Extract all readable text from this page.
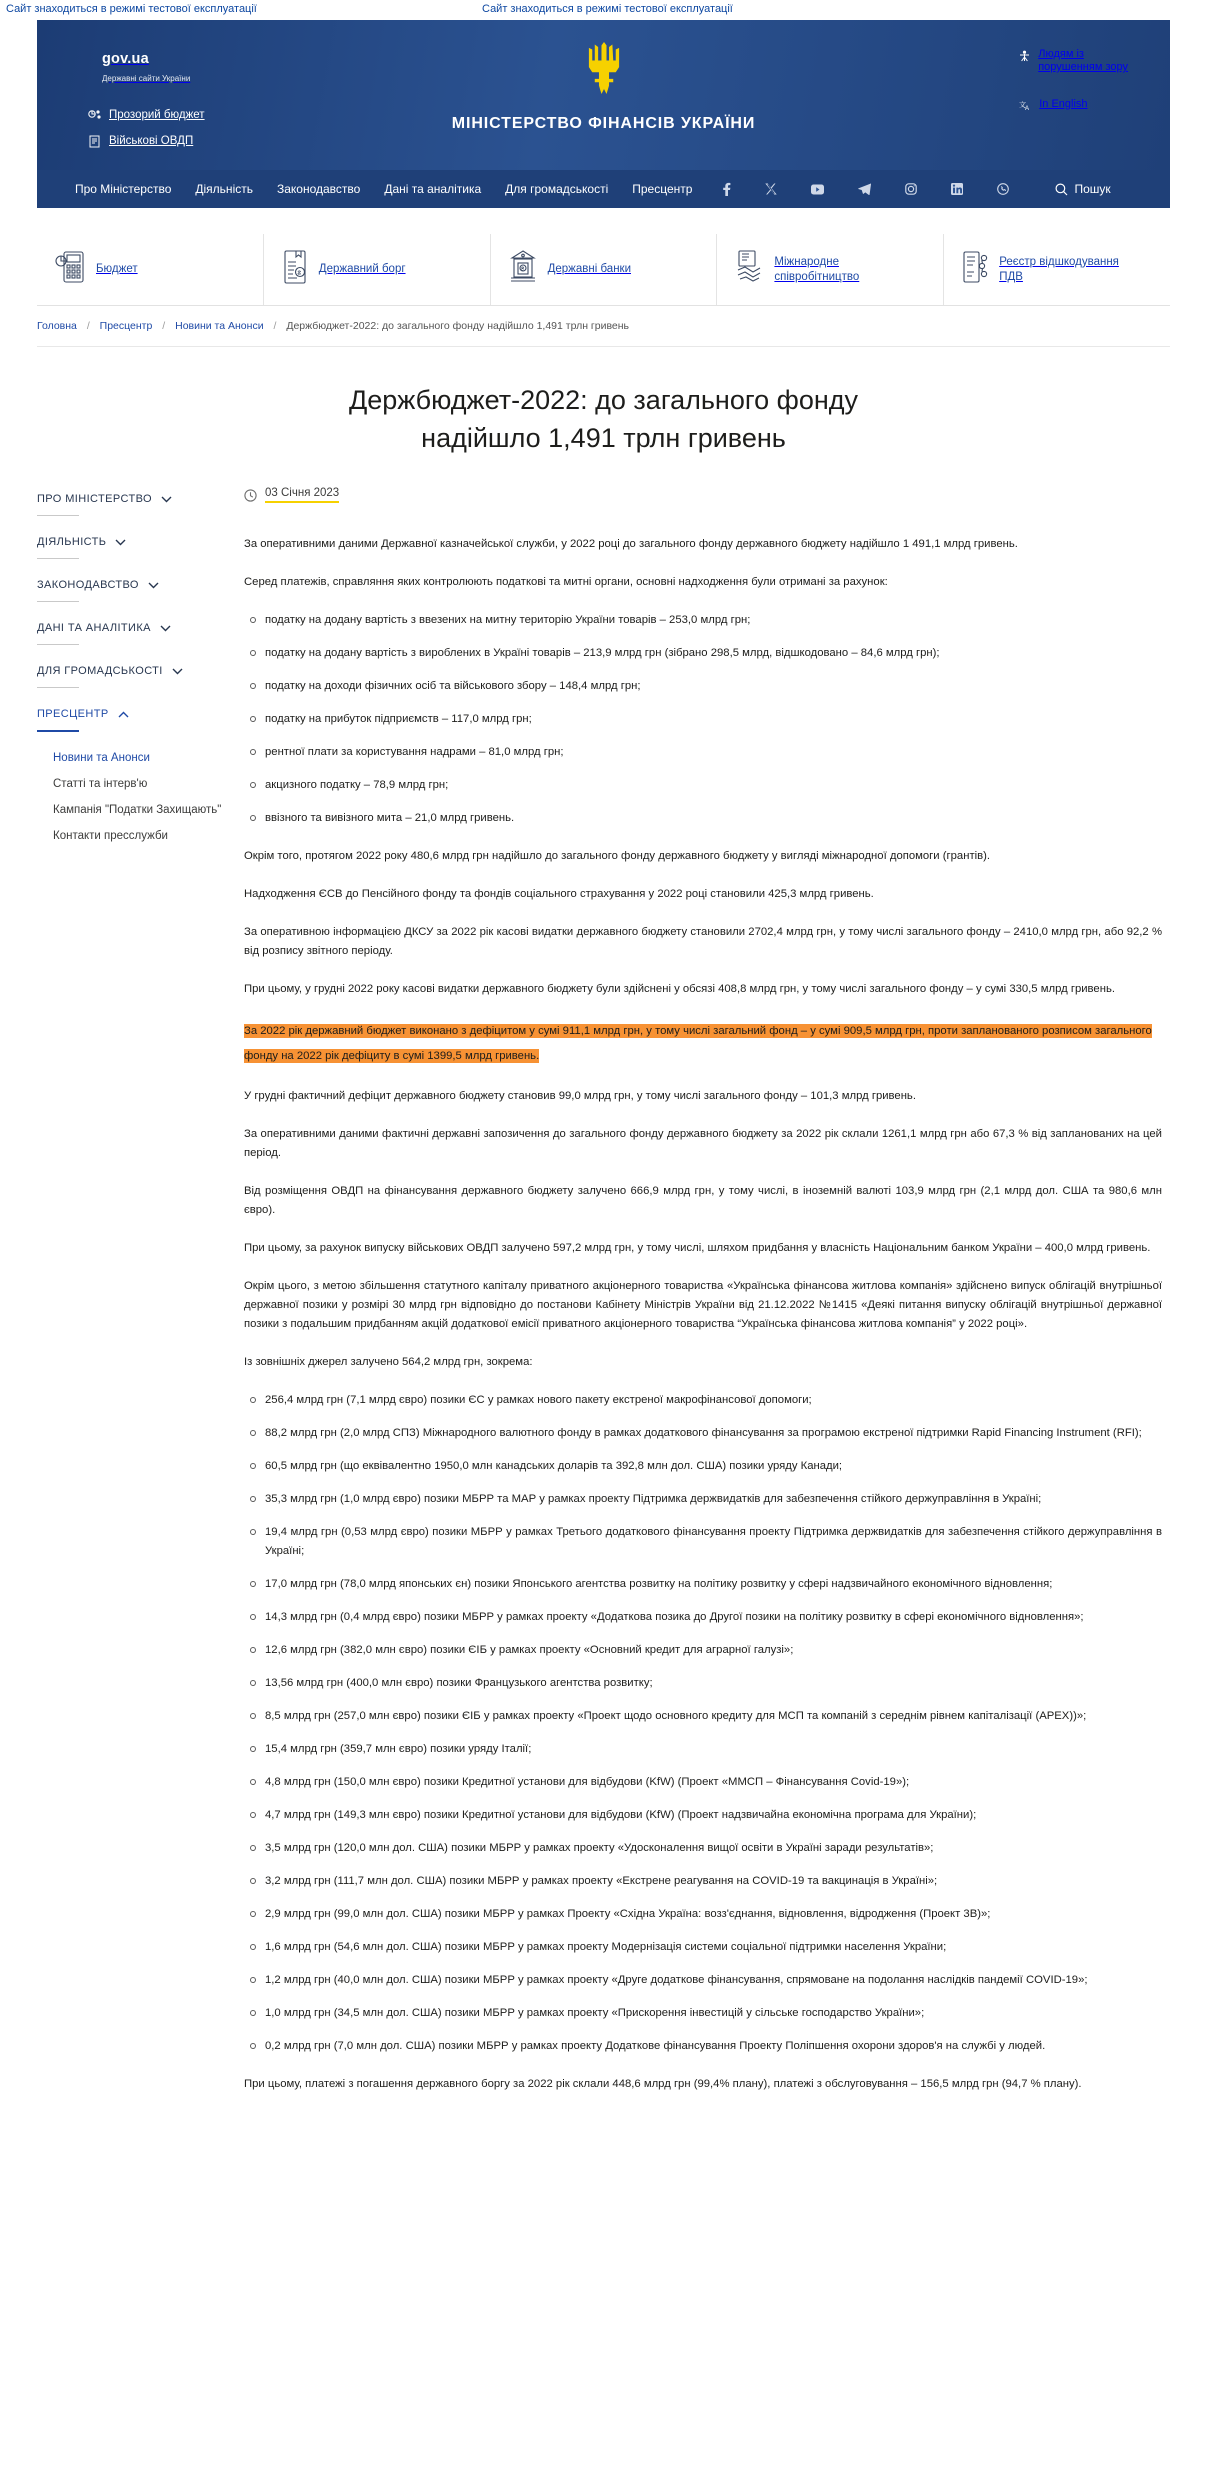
Сайт знаходиться в режимі тестової експлуатації	Сайт знаходиться в режимі тестової експлуатації
gov.ua
Державні сайти України
Прозорий бюджет
Військові ОВДП
МІНІСТЕРСТВО ФІНАНСІВ УКРАЇНИ
Людям із
порушенням зору
文 A In English
Про Міністерство Діяльність Законодавство Дані та аналітика Для громадськості Пресцентр	Пошук
Бюджет	₴ Державний борг	₴ Державні банки
Міжнародне
співробітництво
Реєстр відшкодування
ПДВ
Головна / Пресцентр / Новини та Анонси / Держбюджет-2022: до загального фонду надійшло 1,491 трлн гривень
Держбюджет-2022: до загального фонду надійшло 1,491 трлн гривень
ПРО МІНІСТЕРСТВО
ДІЯЛЬНІСТЬ
ЗАКОНОДАВСТВО
ДАНІ ТА АНАЛІТИКА
ДЛЯ ГРОМАДСЬКОСТІ
ПРЕСЦЕНТР
Новини та Анонси
Статті та інтерв'ю
Кампанія "Податки Захищають"
Контакти пресслужби
03 Січня 2023

За оперативними даними Державної казначейської служби, у 2022 році до загального фонду державного бюджету надійшло 1 491,1 млрд гривень.

Серед платежів, справляння яких контролюють податкові та митні органи, основні надходження були отримані за рахунок:

податку на додану вартість з ввезених на митну територію України товарів – 253,0 млрд грн;
податку на додану вартість з вироблених в Україні товарів – 213,9 млрд грн (зібрано 298,5 млрд, відшкодовано – 84,6 млрд грн);
податку на доходи фізичних осіб та військового збору – 148,4 млрд грн;
податку на прибуток підприємств – 117,0 млрд грн;
рентної плати за користування надрами – 81,0 млрд грн;
акцизного податку – 78,9 млрд грн;
ввізного та вивізного мита – 21,0 млрд гривень.

Окрім того, протягом 2022 року 480,6 млрд грн надійшло до загального фонду державного бюджету у вигляді міжнародної допомоги (грантів).

Надходження ЄСВ до Пенсійного фонду та фондів соціального страхування у 2022 році становили 425,3 млрд гривень.

За оперативною інформацією ДКСУ за 2022 рік касові видатки державного бюджету становили 2702,4 млрд грн, у тому числі загального фонду – 2410,0 млрд грн, або 92,2 % від розпису звітного періоду.

При цьому, у грудні 2022 року касові видатки державного бюджету були здійснені у обсязі 408,8 млрд грн, у тому числі загального фонду – у сумі 330,5 млрд гривень.

За 2022 рік державний бюджет виконано з дефіцитом у сумі 911,1 млрд грн, у тому числі загальний фонд – у сумі 909,5 млрд грн, проти запланованого розписом загального фонду на 2022 рік дефіциту в сумі 1399,5 млрд гривень.

У грудні фактичний дефіцит державного бюджету становив 99,0 млрд грн, у тому числі загального фонду – 101,3 млрд гривень.

За оперативними даними фактичні державні запозичення до загального фонду державного бюджету за 2022 рік склали 1261,1 млрд грн або 67,3 % від запланованих на цей період.

Від розміщення ОВДП на фінансування державного бюджету залучено 666,9 млрд грн, у тому числі, в іноземній валюті 103,9 млрд грн (2,1 млрд дол. США та 980,6 млн євро).

При цьому, за рахунок випуску військових ОВДП залучено 597,2 млрд грн, у тому числі, шляхом придбання у власність Національним банком України – 400,0 млрд гривень.

Окрім цього, з метою збільшення статутного капіталу приватного акціонерного товариства «Українська фінансова житлова компанія» здійснено випуск облігацій внутрішньої державної позики у розмірі 30 млрд грн відповідно до постанови Кабінету Міністрів України від 21.12.2022 №1415 «Деякі питання випуску облігацій внутрішньої державної позики з подальшим придбанням акцій додаткової емісії приватного акціонерного товариства “Українська фінансова житлова компанія” у 2022 році».

Із зовнішніх джерел залучено 564,2 млрд грн, зокрема:

256,4 млрд грн (7,1 млрд євро) позики ЄС у рамках нового пакету екстреної макрофінансової допомоги;
88,2 млрд грн (2,0 млрд СПЗ) Міжнародного валютного фонду в рамках додаткового фінансування за програмою екстреної підтримки Rapid Financing Instrument (RFI);
60,5 млрд грн (що еквівалентно 1950,0 млн канадських доларів та 392,8 млн дол. США) позики уряду Канади;
35,3 млрд грн (1,0 млрд євро) позики МБРР та МАР у рамках проекту Підтримка держвидатків для забезпечення стійкого держуправління в Україні;
19,4 млрд грн (0,53 млрд євро) позики МБРР у рамках Третього додаткового фінансування проекту Підтримка держвидатків для забезпечення стійкого держуправління в Україні;
17,0 млрд грн (78,0 млрд японських єн) позики Японського агентства розвитку на політику розвитку у сфері надзвичайного економічного відновлення;
14,3 млрд грн (0,4 млрд євро) позики МБРР у рамках проекту «Додаткова позика до Другої позики на політику розвитку в сфері економічного відновлення»;
12,6 млрд грн (382,0 млн євро) позики ЄІБ у рамках проекту «Основний кредит для аграрної галузі»;
13,56 млрд грн (400,0 млн євро) позики Французького агентства розвитку;
8,5 млрд грн (257,0 млн євро) позики ЄІБ у рамках проекту «Проект щодо основного кредиту для МСП та компаній з середнім рівнем капіталізації (APEX))»;
15,4 млрд грн (359,7 млн євро) позики уряду Італії;
4,8 млрд грн (150,0 млн євро) позики Кредитної установи для відбудови (KfW) (Проект «ММСП – Фінансування Covid-19»);
4,7 млрд грн (149,3 млн євро) позики Кредитної установи для відбудови (KfW) (Проект надзвичайна економічна програма для України);
3,5 млрд грн (120,0 млн дол. США) позики МБРР у рамках проекту «Удосконалення вищої освіти в Україні заради результатів»;
3,2 млрд грн (111,7 млн дол. США) позики МБРР у рамках проекту «Екстрене реагування на COVID-19 та вакцинація в Україні»;
2,9 млрд грн (99,0 млн дол. США) позики МБРР у рамках Проекту «Східна Україна: возз'єднання, відновлення, відродження (Проект 3В)»;
1,6 млрд грн (54,6 млн дол. США) позики МБРР у рамках проекту Модернізація системи соціальної підтримки населення України;
1,2 млрд грн (40,0 млн дол. США) позики МБРР у рамках проекту «Друге додаткове фінансування, спрямоване на подолання наслідків пандемії COVID-19»;
1,0 млрд грн (34,5 млн дол. США) позики МБРР у рамках проекту «Прискорення інвестицій у сільське господарство України»;
0,2 млрд грн (7,0 млн дол. США) позики МБРР у рамках проекту Додаткове фінансування Проекту Поліпшення охорони здоров'я на службі у людей.

При цьому, платежі з погашення державного боргу за 2022 рік склали 448,6 млрд грн (99,4% плану), платежі з обслуговування – 156,5 млрд грн (94,7 % плану).
